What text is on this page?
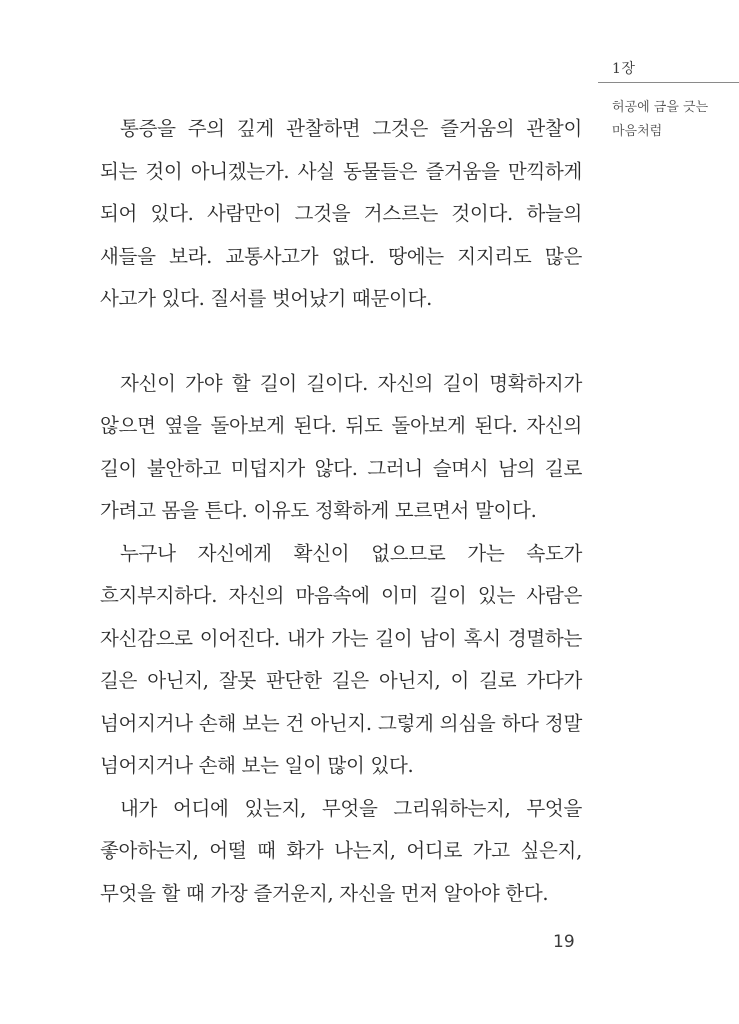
1장
허공에 금을 긋는
마음처럼

통증을 주의 깊게 관찰하면 그것은 즐거움의 관찰이 되는 것이 아니겠는가. 사실 동물들은 즐거움을 만끽하게 되어 있다. 사람만이 그것을 거스르는 것이다. 하늘의 새들을 보라. 교통사고가 없다. 땅에는 지지리도 많은 사고가 있다. 질서를 벗어났기 때문이다.

자신이 가야 할 길이 길이다. 자신의 길이 명확하지가 않으면 옆을 돌아보게 된다. 뒤도 돌아보게 된다. 자신의 길이 불안하고 미덥지가 않다. 그러니 슬며시 남의 길로 가려고 몸을 튼다. 이유도 정확하게 모르면서 말이다.

누구나 자신에게 확신이 없으므로 가는 속도가 흐지부지하다. 자신의 마음속에 이미 길이 있는 사람은 자신감으로 이어진다. 내가 가는 길이 남이 혹시 경멸하는 길은 아닌지, 잘못 판단한 길은 아닌지, 이 길로 가다가 넘어지거나 손해 보는 건 아닌지. 그렇게 의심을 하다 정말 넘어지거나 손해 보는 일이 많이 있다.

내가 어디에 있는지, 무엇을 그리워하는지, 무엇을 좋아하는지, 어떨 때 화가 나는지, 어디로 가고 싶은지, 무엇을 할 때 가장 즐거운지, 자신을 먼저 알아야 한다.

19
